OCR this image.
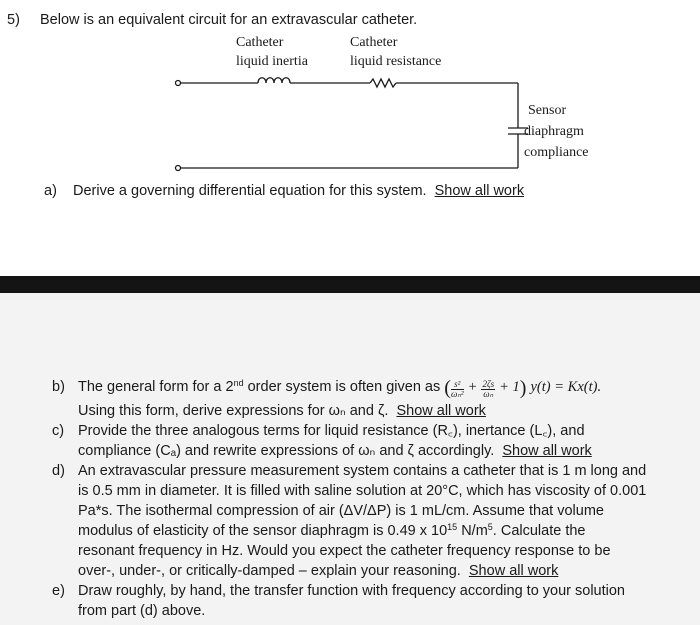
5) Below is an equivalent circuit for an extravascular catheter.
Catheter
liquid inertia
Catheter
liquid resistance
Sensor
diaphragm
compliance
a) Derive a governing differential equation for this system. Show all work
b) The general form for a 2nd order system is often given as ( $\frac{\text{s²}}{\text{ωₙ²}} + \frac{2\zeta s}{\text{ωₙ}} + 1$) y(t) = Kx(t).
Using this form, derive expressions for ωₙ and ζ. Show all work
c) Provide the three analogous terms for liquid resistance (R꜀), inertance (L꜀), and
compliance (Cₐ) and rewrite expressions of ωₙ and ζ accordingly. Show all work
d) An extravascular pressure measurement system contains a catheter that is 1 m long and
is 0.5 mm in diameter. It is filled with saline solution at 20°C, which has viscosity of 0.001
Pa*s. The isothermal compression of air (ΔV/ΔP) is 1 mL/cm. Assume that volume
modulus of elasticity of the sensor diaphragm is 0.49 x $10^{15}$ $N/m^5$. Calculate the
resonant frequency in Hz. Would you expect the catheter frequency response to be
over-, under-, or critically-damped – explain your reasoning. Show all work
e) Draw roughly, by hand, the transfer function with frequency according to your solution
from part (d) above.
